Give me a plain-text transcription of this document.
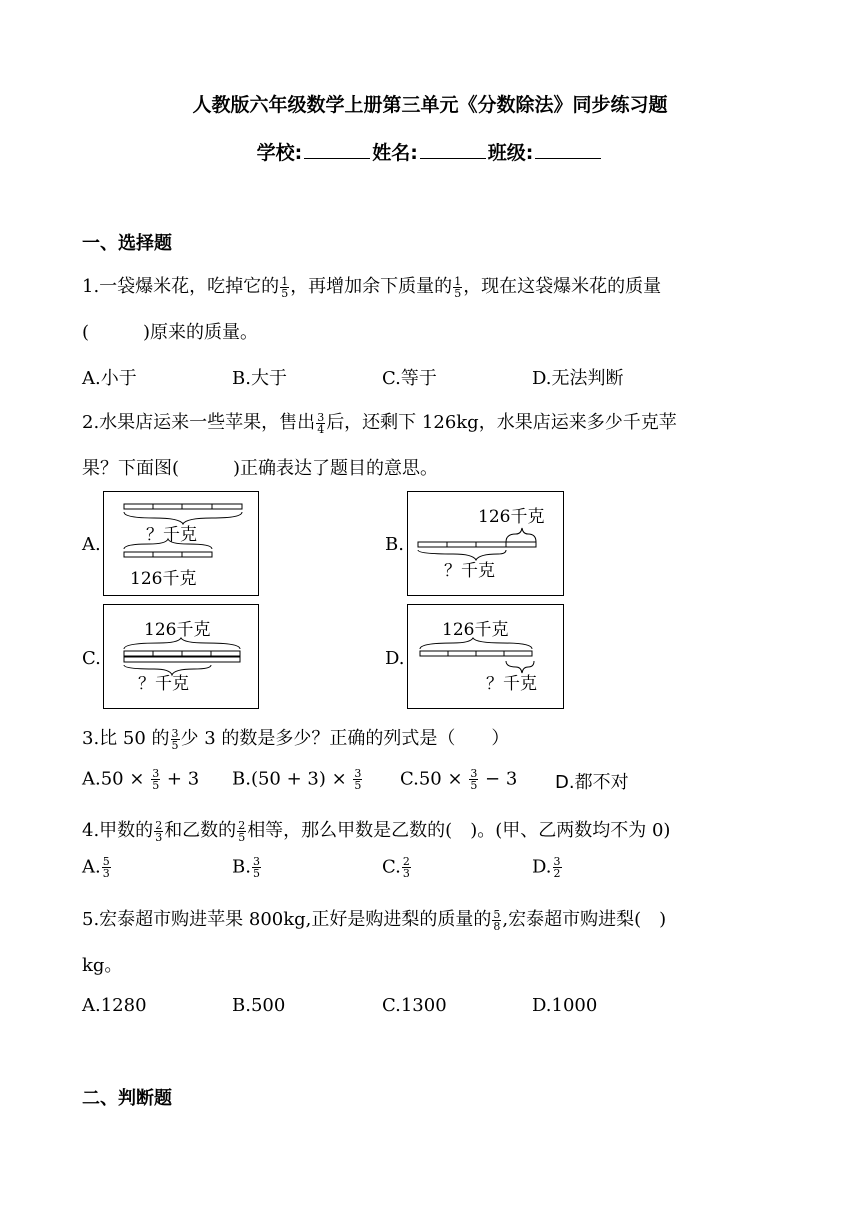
人教版六年级数学上册第三单元《分数除法》同步练习题
学校:	姓名:	班级:
一、选择题
1.一袋爆米花，吃掉它的 $\frac{1}{5}$ ，再增加余下质量的 $\frac{1}{5}$ ，现在这袋爆米花的质量
(　　　)原来的质量。
A.小于	B.大于	C.等于	D.无法判断
2.水果店运来一些苹果，售出 $\frac{3}{4}$ 后，还剩下 126kg，水果店运来多少千克苹
果？下面图(　　　)正确表达了题目的意思。
A.	？千克
126千克
B.
126千克
？千克
C.
126千克
？千克
D.
126千克
？千克
3.比 50 的 $\frac{3}{5}$ 少 3 的数是多少？正确的列式是（　　）
$A.50 \times \frac{3}{5} + 3$ $B.(50 + 3) \times \frac{3}{5} C.50 \times \frac{3}{5} - 3$ D.都不对
4.甲数的 $\frac{2}{3}$ 和乙数的 $\frac{2}{5}$ 相等，那么甲数是乙数的(　)。(甲、乙两数均不为 0)
A. $\frac{5}{3}$	B. $\frac{3}{5}$	C. $\frac{2}{3}$	D. $\frac{3}{2}$
5.宏泰超市购进苹果 800kg,正好是购进梨的质量的 $\frac{5}{8}$ ,宏泰超市购进梨(　)
kg。
A.1280	B.500	C.1300	D.1000
二、判断题
